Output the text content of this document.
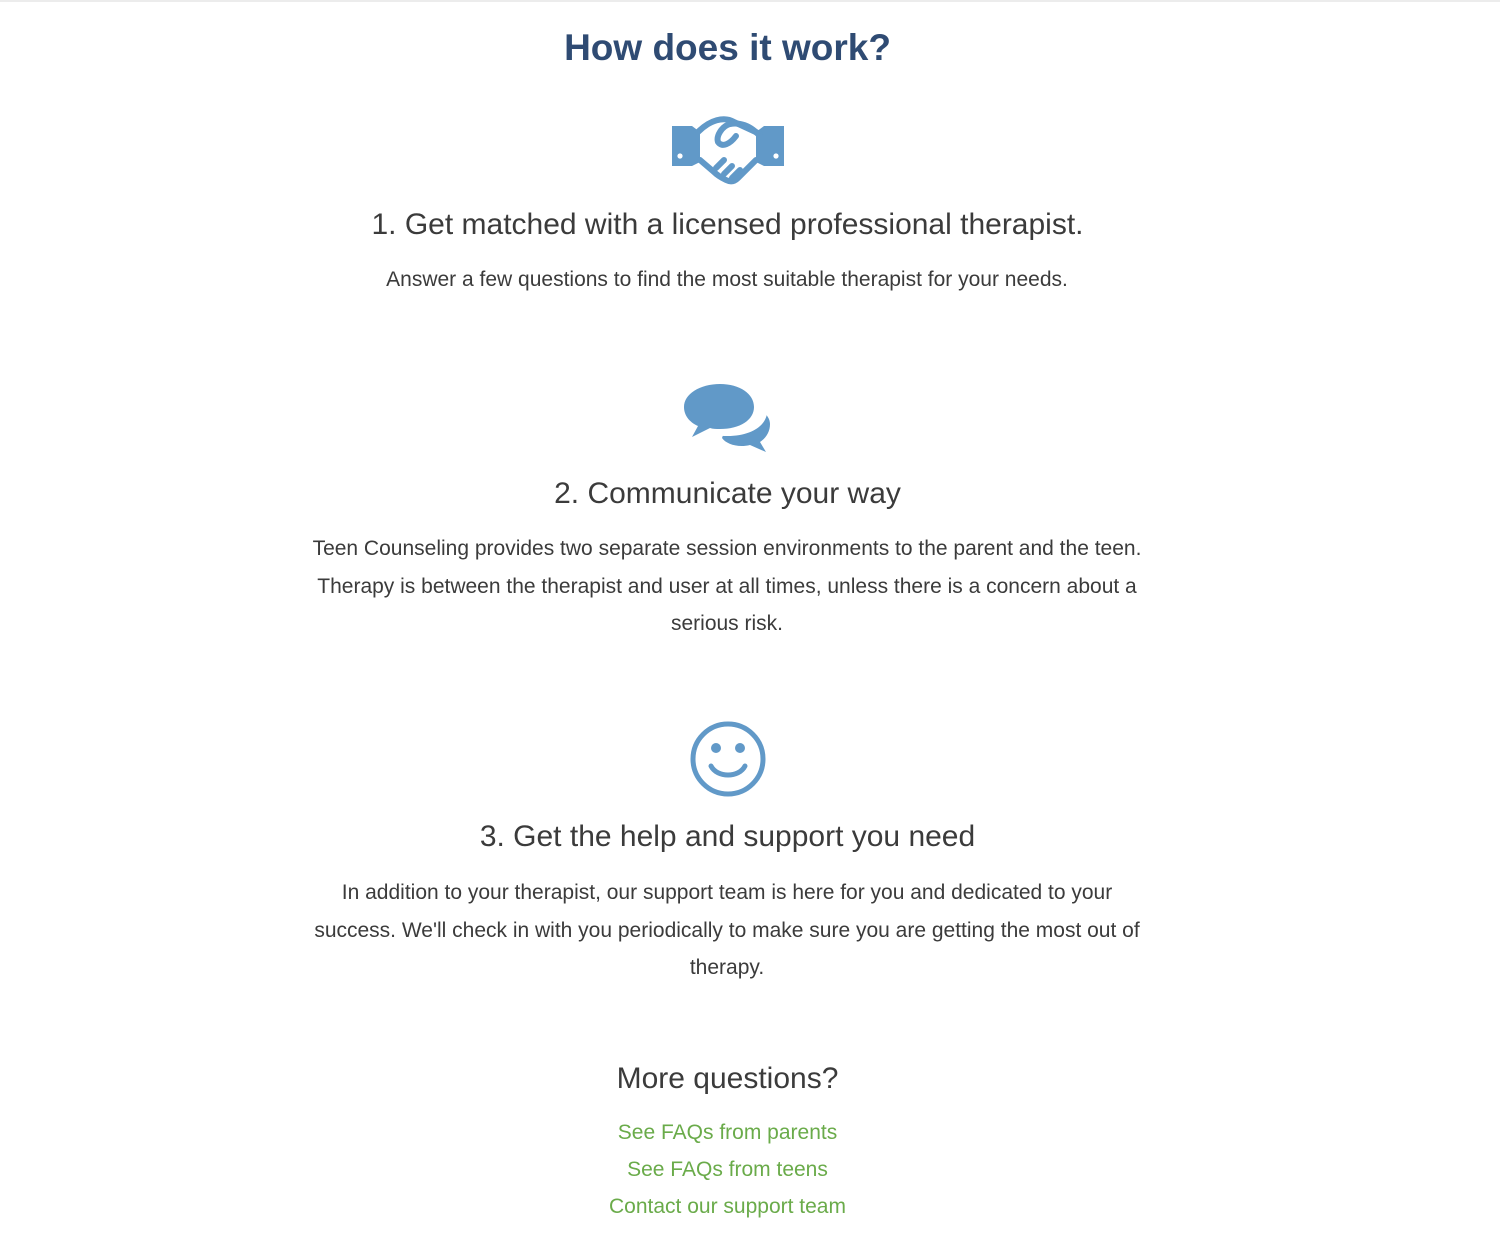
How does it work?
1. Get matched with a licensed professional therapist.
Answer a few questions to find the most suitable therapist for your needs.
2. Communicate your way
Teen Counseling provides two separate session environments to the parent and the teen. Therapy is between the therapist and user at all times, unless there is a concern about a serious risk.
3. Get the help and support you need
In addition to your therapist, our support team is here for you and dedicated to your success. We'll check in with you periodically to make sure you are getting the most out of therapy.
More questions?
See FAQs from parents
See FAQs from teens
Contact our support team
